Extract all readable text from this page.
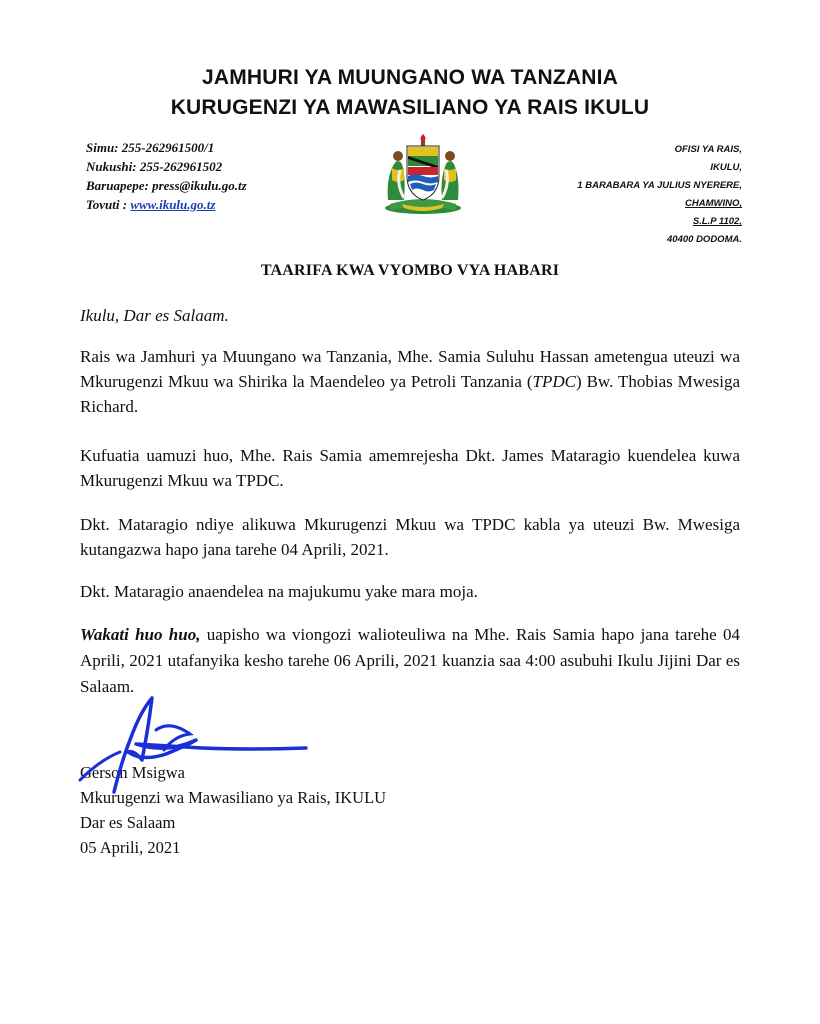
JAMHURI YA MUUNGANO WA TANZANIA
KURUGENZI YA MAWASILIANO YA RAIS IKULU
Simu: 255-262961500/1
Nukushi: 255-262961502
Baruapepe: press@ikulu.go.tz
Tovuti : www.ikulu.go.tz
OFISI YA RAIS,
IKULU,
1 BARABARA YA JULIUS NYERERE,
CHAMWINO,
S.L.P 1102,
40400 DODOMA.
TAARIFA KWA VYOMBO VYA HABARI
Ikulu, Dar es Salaam.
Rais wa Jamhuri ya Muungano wa Tanzania, Mhe. Samia Suluhu Hassan ametengua uteuzi wa Mkurugenzi Mkuu wa Shirika la Maendeleo ya Petroli Tanzania (TPDC) Bw. Thobias Mwesiga Richard.
Kufuatia uamuzi huo, Mhe. Rais Samia amemrejesha Dkt. James Mataragio kuendelea kuwa Mkurugenzi Mkuu wa TPDC.
Dkt. Mataragio ndiye alikuwa Mkurugenzi Mkuu wa TPDC kabla ya uteuzi Bw. Mwesiga kutangazwa hapo jana tarehe 04 Aprili, 2021.
Dkt. Mataragio anaendelea na majukumu yake mara moja.
Wakati huo huo, uapisho wa viongozi walioteuliwa na Mhe. Rais Samia hapo jana tarehe 04 Aprili, 2021 utafanyika kesho tarehe 06 Aprili, 2021 kuanzia saa 4:00 asubuhi Ikulu Jijini Dar es Salaam.
Gerson Msigwa
Mkurugenzi wa Mawasiliano ya Rais, IKULU
Dar es Salaam
05 Aprili, 2021
